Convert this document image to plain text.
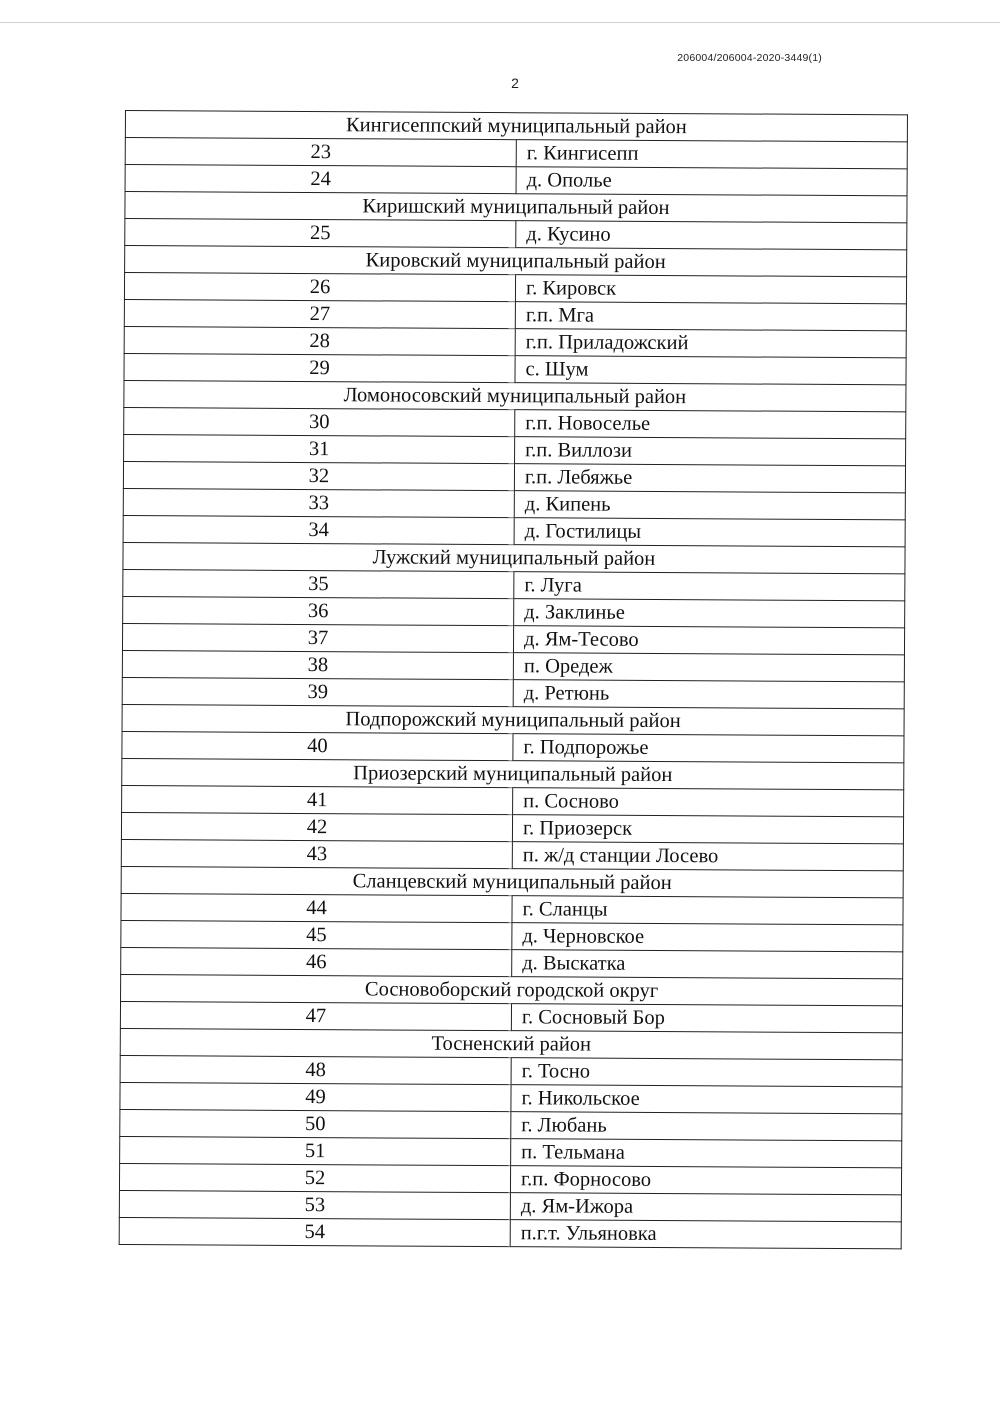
206004/206004-2020-3449(1)
2
Кингисеппский муниципальный район	
23	г. Кингисепп
24	д. Ополье
Киришский муниципальный район	
25	д. Кусино
Кировский муниципальный район	
26	г. Кировск
27	г.п. Мга
28	г.п. Приладожский
29	с. Шум
Ломоносовский муниципальный район	
30	г.п. Новоселье
31	г.п. Виллози
32	г.п. Лебяжье
33	д. Кипень
34	д. Гостилицы
Лужский муниципальный район	
35	г. Луга
36	д. Заклинье
37	д. Ям-Тесово
38	п. Оредеж
39	д. Ретюнь
Подпорожский муниципальный район	
40	г. Подпорожье
Приозерский муниципальный район	
41	п. Сосново
42	г. Приозерск
43	п. ж/д станции Лосево
Сланцевский муниципальный район	
44	г. Сланцы
45	д. Черновское
46	д. Выскатка
Сосновоборский городской округ	
47	г. Сосновый Бор
Тосненский район	
48	г. Тосно
49	г. Никольское
50	г. Любань
51	п. Тельмана
52	г.п. Форносово
53	д. Ям-Ижора
54	п.г.т. Ульяновка
